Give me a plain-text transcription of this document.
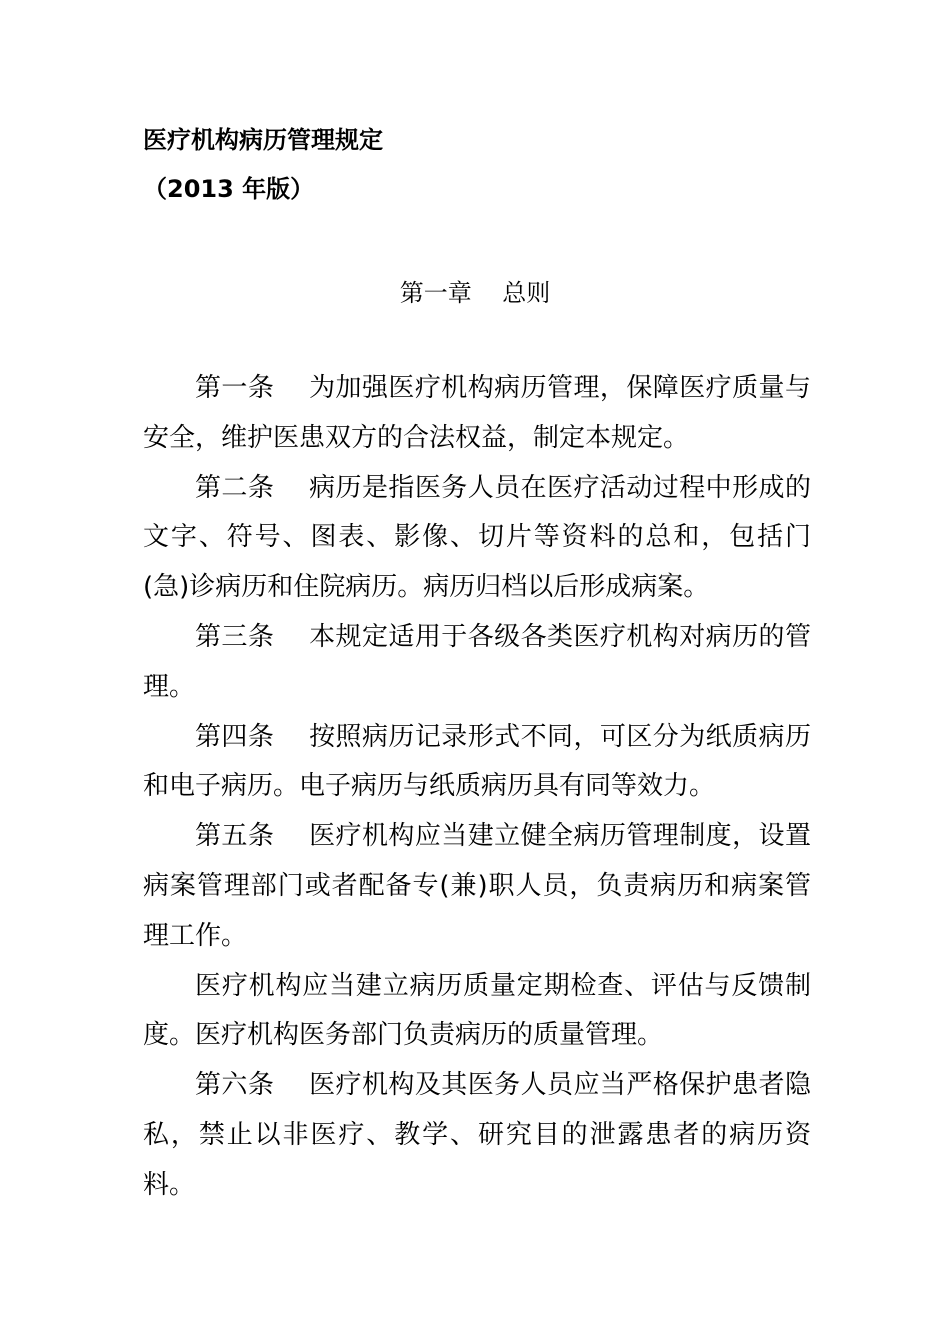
医疗机构病历管理规定
（2013 年版）
第一章    总则

第一条 为加强医疗机构病历管理，保障医疗质量与安全，维护医患双方的合法权益，制定本规定。

第二条 病历是指医务人员在医疗活动过程中形成的文字、符号、图表、影像、切片等资料的总和，包括门(急)诊病历和住院病历。病历归档以后形成病案。

第三条 本规定适用于各级各类医疗机构对病历的管理。

第四条 按照病历记录形式不同，可区分为纸质病历和电子病历。电子病历与纸质病历具有同等效力。

第五条 医疗机构应当建立健全病历管理制度，设置病案管理部门或者配备专(兼)职人员，负责病历和病案管理工作。

医疗机构应当建立病历质量定期检查、评估与反馈制度。医疗机构医务部门负责病历的质量管理。

第六条 医疗机构及其医务人员应当严格保护患者隐私，禁止以非医疗、教学、研究目的泄露患者的病历资料。
